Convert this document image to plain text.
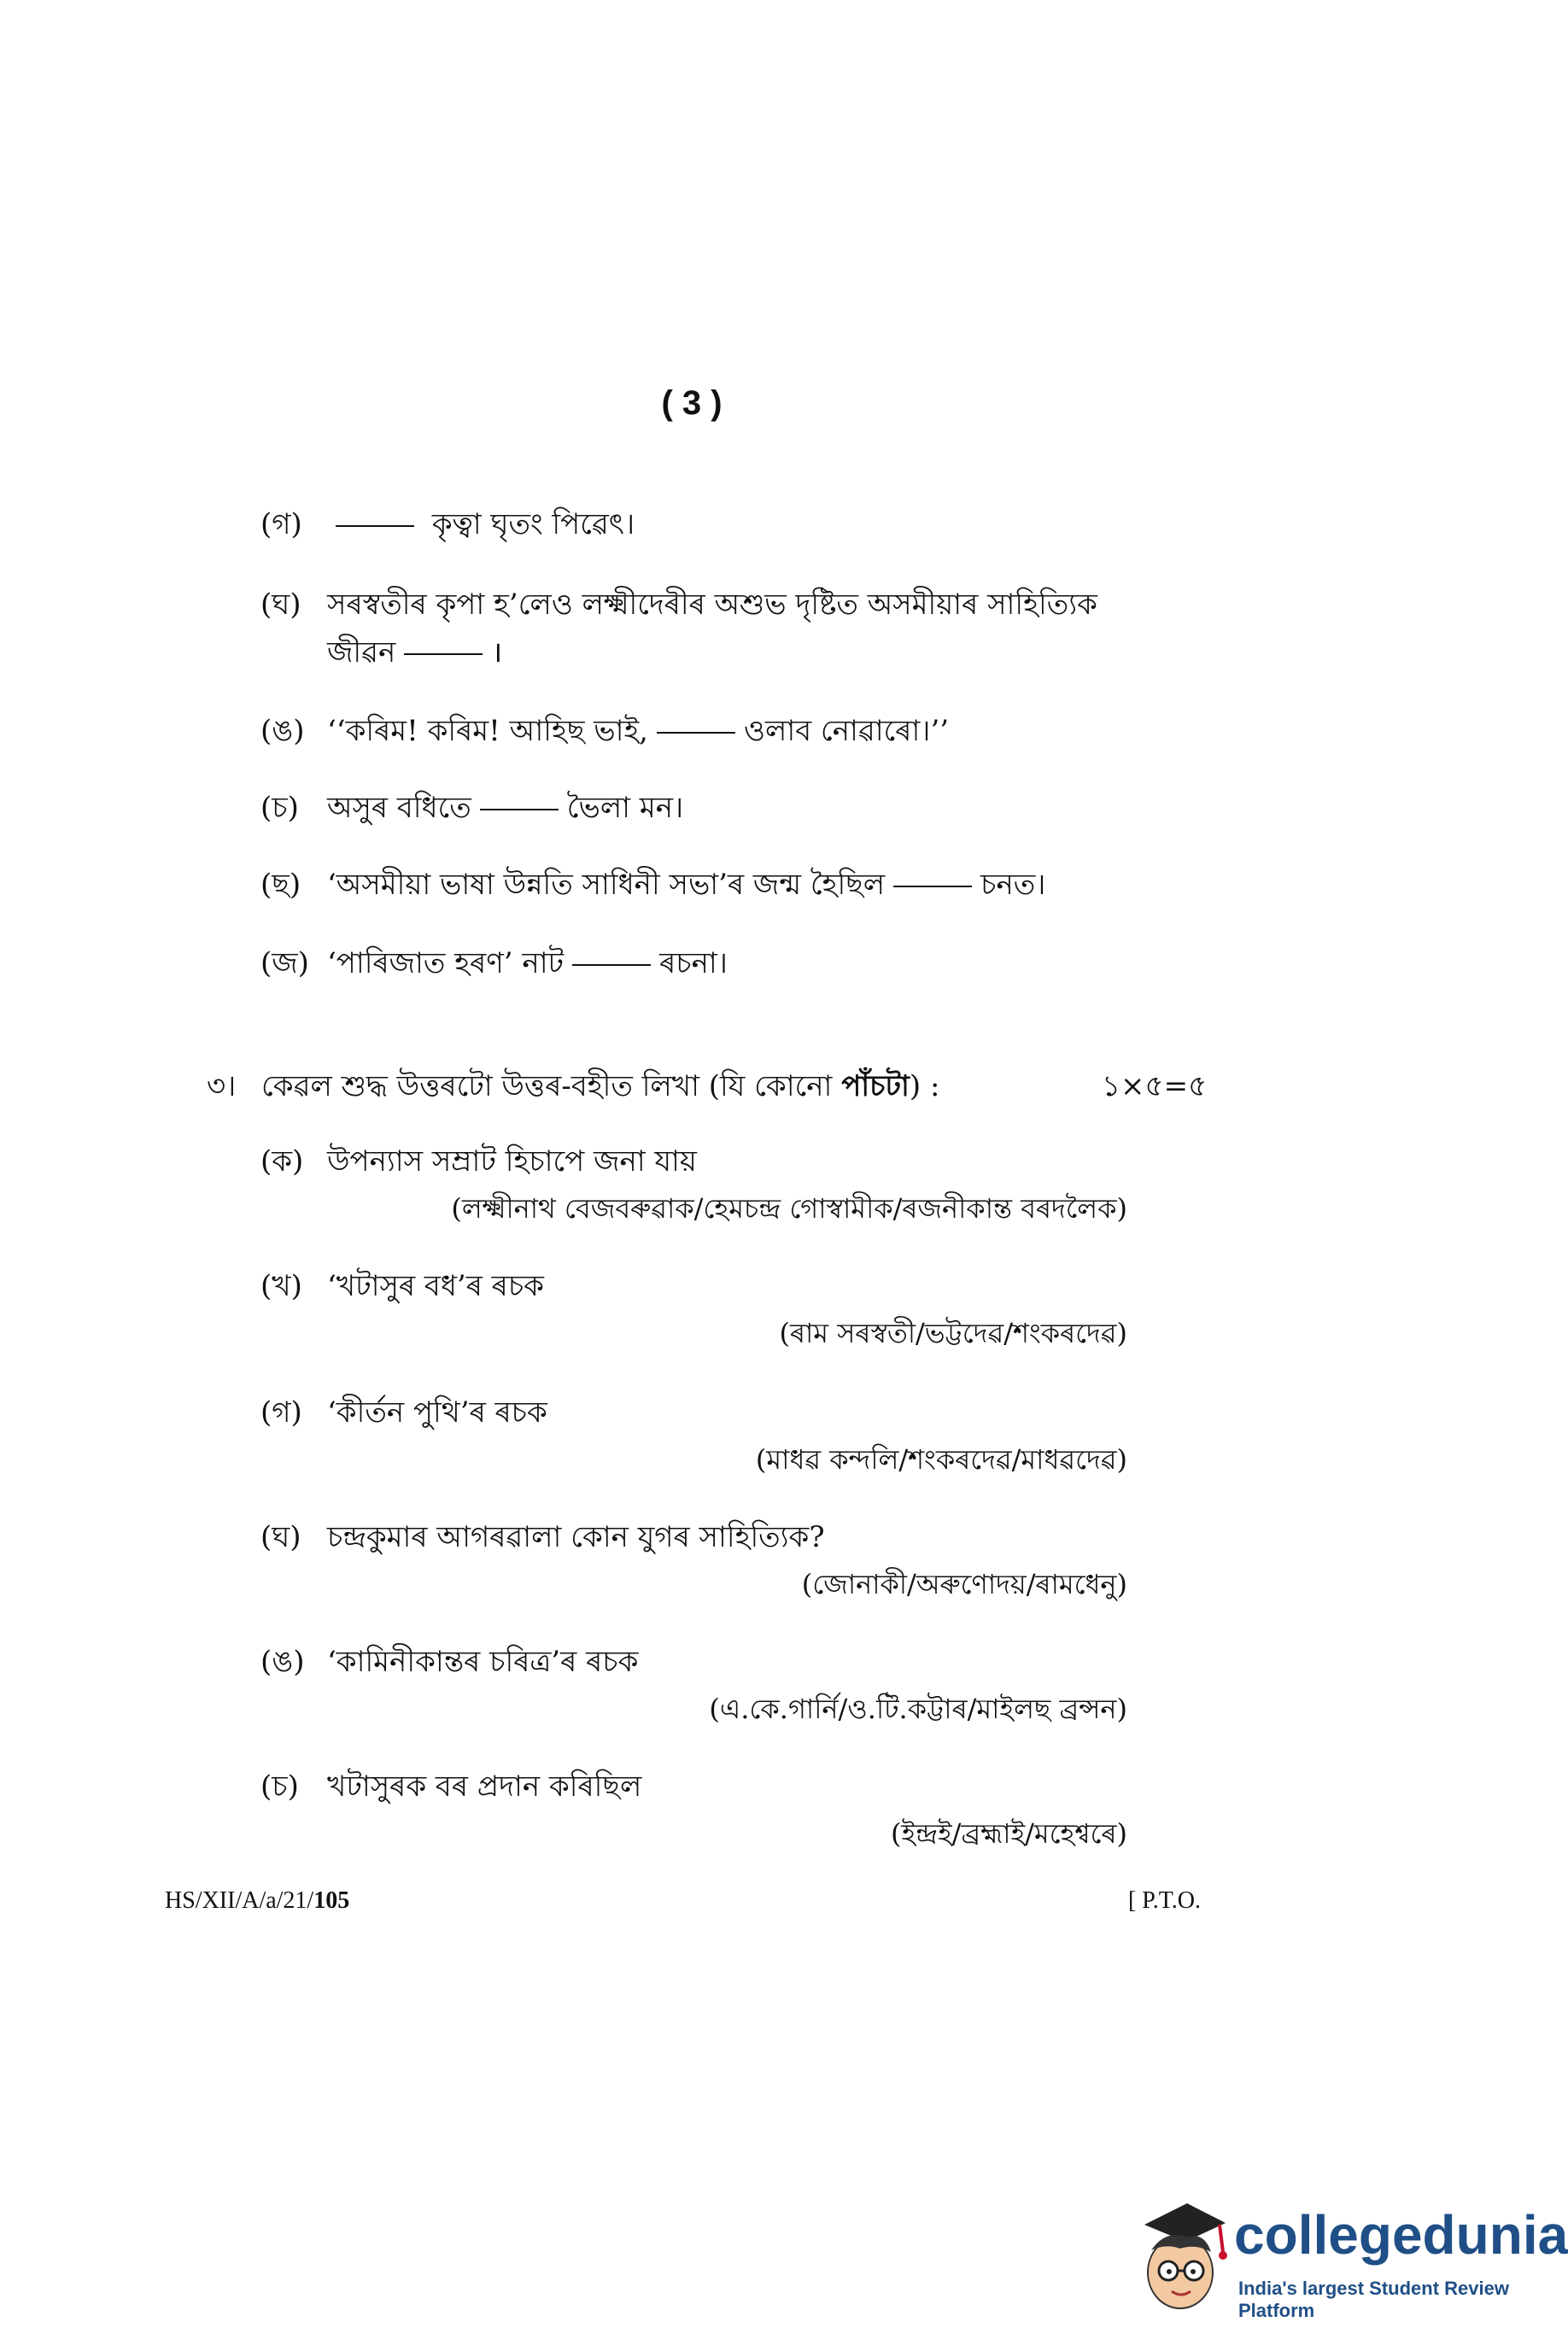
( 3 )
(গ)	কৃত্বা ঘৃতং পিৱেৎ।
(ঘ) সৰস্বতীৰ কৃপা হ’লেও লক্ষ্মীদেৰীৰ অশুভ দৃষ্টিত অসমীয়াৰ সাহিত্যিক
জীৱন	।
(ঙ) ‘‘কৰিম! কৰিম! আহিছ ভাই,	ওলাব নোৱাৰো।’’
(চ) অসুৰ বধিতে	ভৈলা মন।
(ছ) ‘অসমীয়া ভাষা উন্নতি সাধিনী সভা’ৰ জন্ম হৈছিল	চনত।
(জ) ‘পাৰিজাত হৰণ’ নাট	ৰচনা।
৩। কেৱল শুদ্ধ উত্তৰটো উত্তৰ-বহীত লিখা (যি কোনো পাঁচটা) :	১×৫=৫
(ক) উপন্যাস সম্ৰাট হিচাপে জনা যায়
(লক্ষ্মীনাথ বেজবৰুৱাক/হেমচন্দ্ৰ গোস্বামীক/ৰজনীকান্ত বৰদলৈক)
(খ) ‘খটাসুৰ বধ’ৰ ৰচক
(ৰাম সৰস্বতী/ভট্টদেৱ/শংকৰদেৱ)
(গ) ‘কীৰ্তন পুথি’ৰ ৰচক
(মাধৱ কন্দলি/শংকৰদেৱ/মাধৱদেৱ)
(ঘ) চন্দ্ৰকুমাৰ আগৰৱালা কোন যুগৰ সাহিত্যিক?
(জোনাকী/অৰুণোদয়/ৰামধেনু)
(ঙ) ‘কামিনীকান্তৰ চৰিত্ৰ’ৰ ৰচক
(এ.কে.গাৰ্নি/ও.টি.কট্টাৰ/মাইলছ ব্ৰন্সন)
(চ) খটাসুৰক বৰ প্ৰদান কৰিছিল
(ইন্দ্ৰই/ব্ৰহ্মাই/মহেশ্বৰে)
HS/XII/A/a/21/105	[ P.T.O.
collegedunia
India's largest Student Review Platform
